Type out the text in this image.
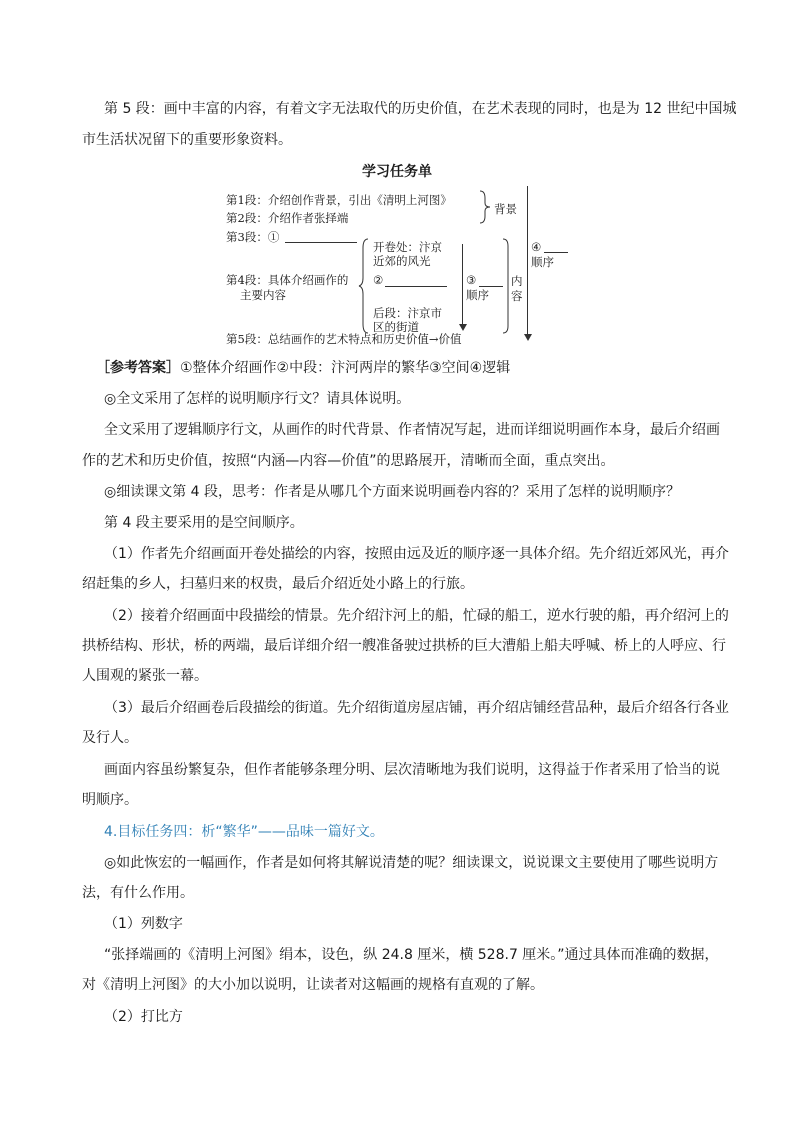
第 5 段：画中丰富的内容，有着文字无法取代的历史价值，在艺术表现的同时，也是为 12 世纪中国城
市生活状况留下的重要形象资料。
学习任务单
第1段：介绍创作背景，引出《清明上河图》
第2段：介绍作者张择端
第3段：①
第4段：具体介绍画作的
主要内容
第5段：总结画作的艺术特点和历史价值→价值
背景
开卷处：汴京
近郊的风光
②
后段：汴京市
区的街道
③
顺序
内
容
④
顺序
［参考答案］①整体介绍画作②中段：汴河两岸的繁华③空间④逻辑
◎全文采用了怎样的说明顺序行文？请具体说明。
全文采用了逻辑顺序行文，从画作的时代背景、作者情况写起，进而详细说明画作本身，最后介绍画
作的艺术和历史价值，按照“内涵—内容—价值”的思路展开，清晰而全面，重点突出。
◎细读课文第 4 段，思考：作者是从哪几个方面来说明画卷内容的？采用了怎样的说明顺序？
第 4 段主要采用的是空间顺序。
（1）作者先介绍画面开卷处描绘的内容，按照由远及近的顺序逐一具体介绍。先介绍近郊风光，再介
绍赶集的乡人，扫墓归来的权贵，最后介绍近处小路上的行旅。
（2）接着介绍画面中段描绘的情景。先介绍汴河上的船，忙碌的船工，逆水行驶的船，再介绍河上的
拱桥结构、形状，桥的两端，最后详细介绍一艘准备驶过拱桥的巨大漕船上船夫呼喊、桥上的人呼应、行
人围观的紧张一幕。
（3）最后介绍画卷后段描绘的街道。先介绍街道房屋店铺，再介绍店铺经营品种，最后介绍各行各业
及行人。
画面内容虽纷繁复杂，但作者能够条理分明、层次清晰地为我们说明，这得益于作者采用了恰当的说
明顺序。
4.目标任务四：析“繁华”——品味一篇好文。
◎如此恢宏的一幅画作，作者是如何将其解说清楚的呢？细读课文，说说课文主要使用了哪些说明方
法，有什么作用。
（1）列数字
“张择端画的《清明上河图》绢本，设色，纵 24.8 厘米，横 528.7 厘米。”通过具体而准确的数据，
对《清明上河图》的大小加以说明，让读者对这幅画的规格有直观的了解。
（2）打比方
